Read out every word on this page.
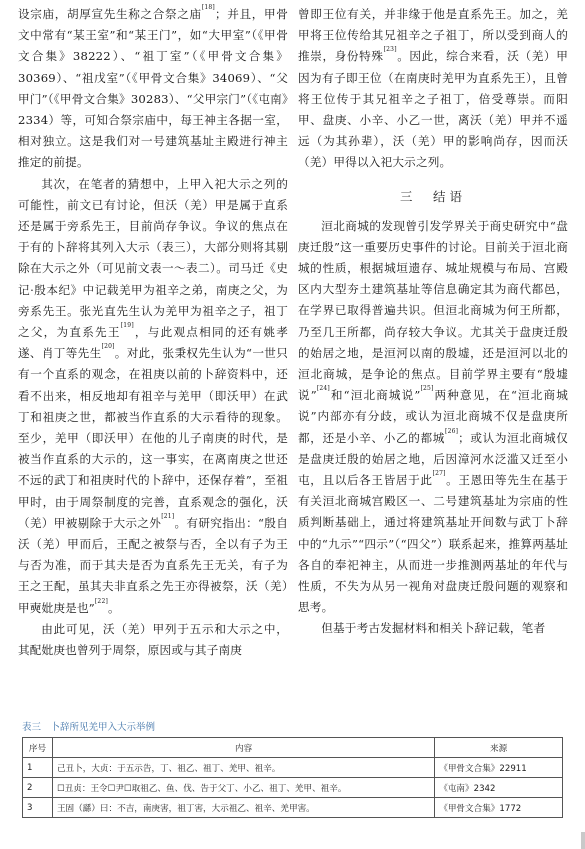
设宗庙，胡厚宣先生称之合祭之庙[18]；并且，甲骨文中常有“某王室”和“某王门”，如“大甲室”（《甲骨文合集》38222）、“祖丁室”（《甲骨文合集》30369）、“祖戊室”（《甲骨文合集》34069）、“父甲门”（《甲骨文合集》30283）、“父甲宗门”（《屯南》2334）等，可知合祭宗庙中，每王神主各据一室，相对独立。这是我们对一号建筑基址主殿进行神主推定的前提。

其次，在笔者的猜想中，上甲入祀大示之列的可能性，前文已有讨论，但沃（羌）甲是属于直系还是属于旁系先王，目前尚存争议。争议的焦点在于有的卜辞将其列入大示（表三），大部分则将其剔除在大示之外（可见前文表一～表二）。司马迁《史记·殷本纪》中记载羌甲为祖辛之弟，南庚之父，为旁系先王。张光直先生认为羌甲为祖辛之子，祖丁之父，为直系先王[19]，与此观点相同的还有姚孝遂、肖丁等先生[20]。对此，张秉权先生认为“一世只有一个直系的观念，在祖庚以前的卜辞资料中，还看不出来，相反地却有祖辛与羌甲（即沃甲）在武丁和祖庚之世，都被当作直系的大示看待的现象。至少，羌甲（即沃甲）在他的儿子南庚的时代，是被当作直系的大示的，这一事实，在离南庚之世还不远的武丁和祖庚时代的卜辞中，还保存着”，至祖甲时，由于周祭制度的完善，直系观念的强化，沃（羌）甲被剔除于大示之外[21]。有研究指出：“殷自沃（羌）甲而后，王配之被祭与否，全以有子为王与否为准，而于其夫是否为直系先王无关，有子为王之王配，虽其夫非直系之先王亦得被祭，沃（羌）甲奭妣庚是也”[22]。

由此可见，沃（羌）甲列于五示和大示之中，其配妣庚也曾列于周祭，原因或与其子南庚

曾即王位有关，并非缘于他是直系先王。加之，羌甲将王位传给其兄祖辛之子祖丁，所以受到商人的推崇，身份特殊[23]。因此，综合来看，沃（羌）甲因为有子即王位（在南庚时羌甲为直系先王），且曾将王位传于其兄祖辛之子祖丁，倍受尊崇。而阳甲、盘庚、小辛、小乙一世，离沃（羌）甲并不遥远（为其孙辈），沃（羌）甲的影响尚存，因而沃（羌）甲得以入祀大示之列。

三　结语

洹北商城的发现曾引发学界关于商史研究中“盘庚迁殷”这一重要历史事件的讨论。目前关于洹北商城的性质，根据城垣遗存、城址规模与布局、宫殿区内大型夯土建筑基址等信息确定其为商代都邑，在学界已取得普遍共识。但洹北商城为何王所都，乃至几王所都，尚存较大争议。尤其关于盘庚迁殷的始居之地，是洹河以南的殷墟，还是洹河以北的洹北商城，是争论的焦点。目前学界主要有“殷墟说”[24]和“洹北商城说”[25]两种意见，在“洹北商城说”内部亦有分歧，或认为洹北商城不仅是盘庚所都，还是小辛、小乙的都城[26]；或认为洹北商城仅是盘庚迁殷的始居之地，后因漳河水泛滥又迁至小屯，且以后各王皆居于此[27]。王恩田等先生在基于有关洹北商城宫殿区一、二号建筑基址为宗庙的性质判断基础上，通过将建筑基址开间数与武丁卜辞中的“九示”“四示”（“四父”）联系起来，推算两基址各自的奉祀神主，从而进一步推测两基址的年代与性质，不失为从另一视角对盘庚迁殷问题的观察和思考。

但基于考古发掘材料和相关卜辞记载，笔者

表三　卜辞所见羌甲入大示举例
序号	内容	来源
1	己丑卜，大贞：于五示告，丁、祖乙、祖丁、羌甲、祖辛。	《甲骨文合集》22911
2	☐丑贞：王令☐尹☐取祖乙、鱼、伐、告于父丁、小乙、祖丁、羌甲、祖辛。	《屯南》2342
3	王固（繇）曰：不吉，南庚害，祖丁害，大示祖乙、祖辛、羌甲害。	《甲骨文合集》1772
